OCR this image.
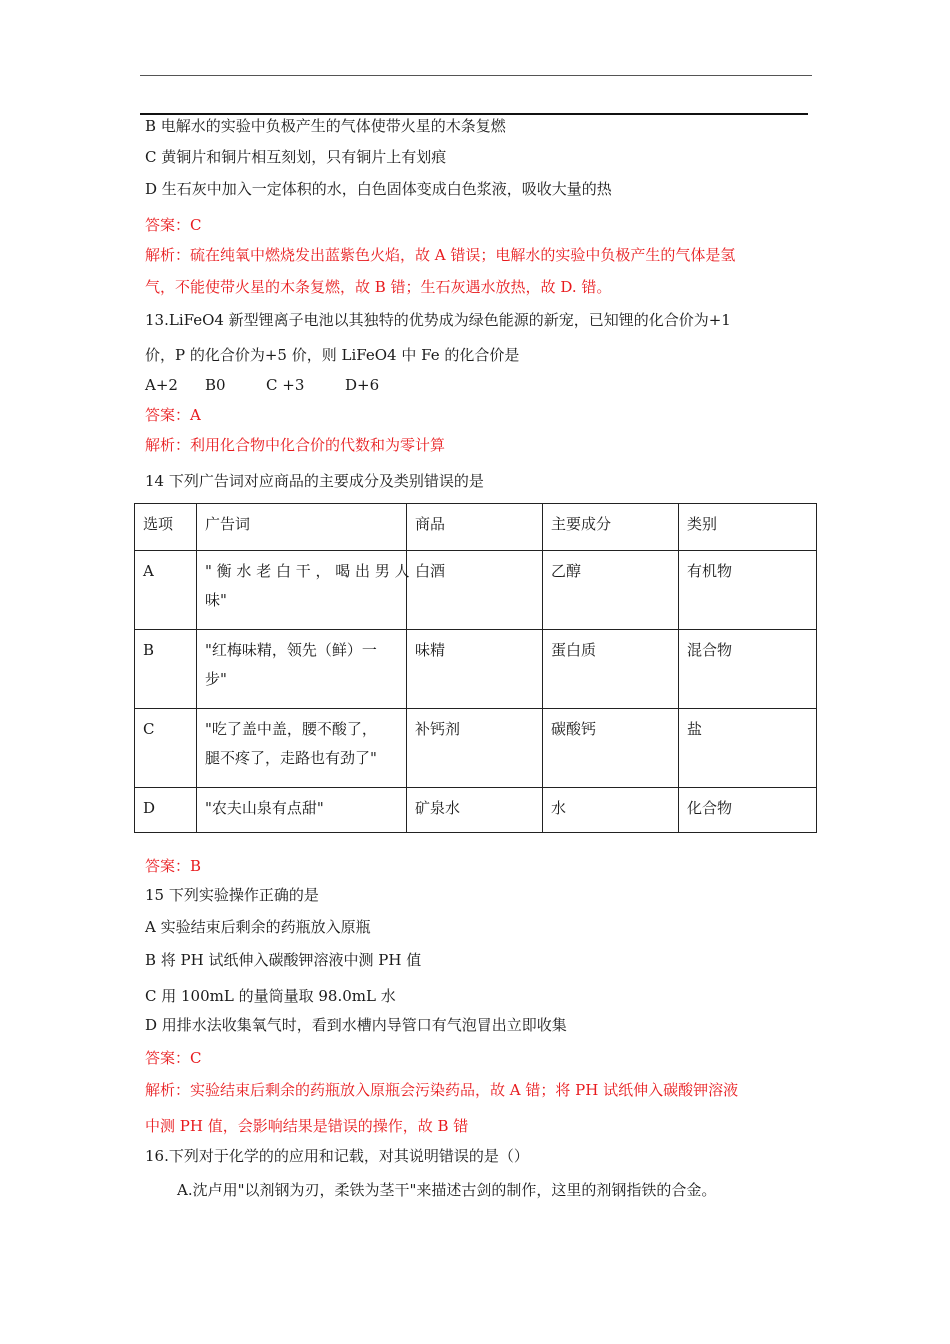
B 电解水的实验中负极产生的气体使带火星的木条复燃
C 黄铜片和铜片相互刻划，只有铜片上有划痕
D 生石灰中加入一定体积的水，白色固体变成白色浆液，吸收大量的热
答案：C
解析：硫在纯氧中燃烧发出蓝紫色火焰，故 A 错误；电解水的实验中负极产生的气体是氢
气，不能使带火星的木条复燃，故 B 错；生石灰遇水放热，故 D. 错。
13.LiFeO4 新型锂离子电池以其独特的优势成为绿色能源的新宠，已知锂的化合价为+1
价，P 的化合价为+5 价，则 LiFeO4 中 Fe 的化合价是
A+2 B0	C +3	D+6
答案：A
解析：利用化合物中化合价的代数和为零计算
14 下列广告词对应商品的主要成分及类别错误的是
选项	广告词	商品	主要成分	类别
A	" 衡 水 老 白 干 ， 喝 出 男 人
味"	白酒	乙醇	有机物
B	"红梅味精，领先（鲜）一
步"	味精	蛋白质	混合物
C	"吃了盖中盖，腰不酸了，
腿不疼了，走路也有劲了"	补钙剂	碳酸钙	盐
D	"农夫山泉有点甜"	矿泉水	水	化合物
答案：B
15 下列实验操作正确的是
A 实验结束后剩余的药瓶放入原瓶
B 将 PH 试纸伸入碳酸钾溶液中测 PH 值
C 用 100mL 的量筒量取 98.0mL 水
D 用排水法收集氧气时，看到水槽内导管口有气泡冒出立即收集
答案：C
解析：实验结束后剩余的药瓶放入原瓶会污染药品，故 A 错；将 PH 试纸伸入碳酸钾溶液
中测 PH 值，会影响结果是错误的操作，故 B 错
16.下列对于化学的的应用和记载，对其说明错误的是（）
A.沈卢用"以剂钢为刃，柔铁为茎干"来描述古剑的制作，这里的剂钢指铁的合金。
